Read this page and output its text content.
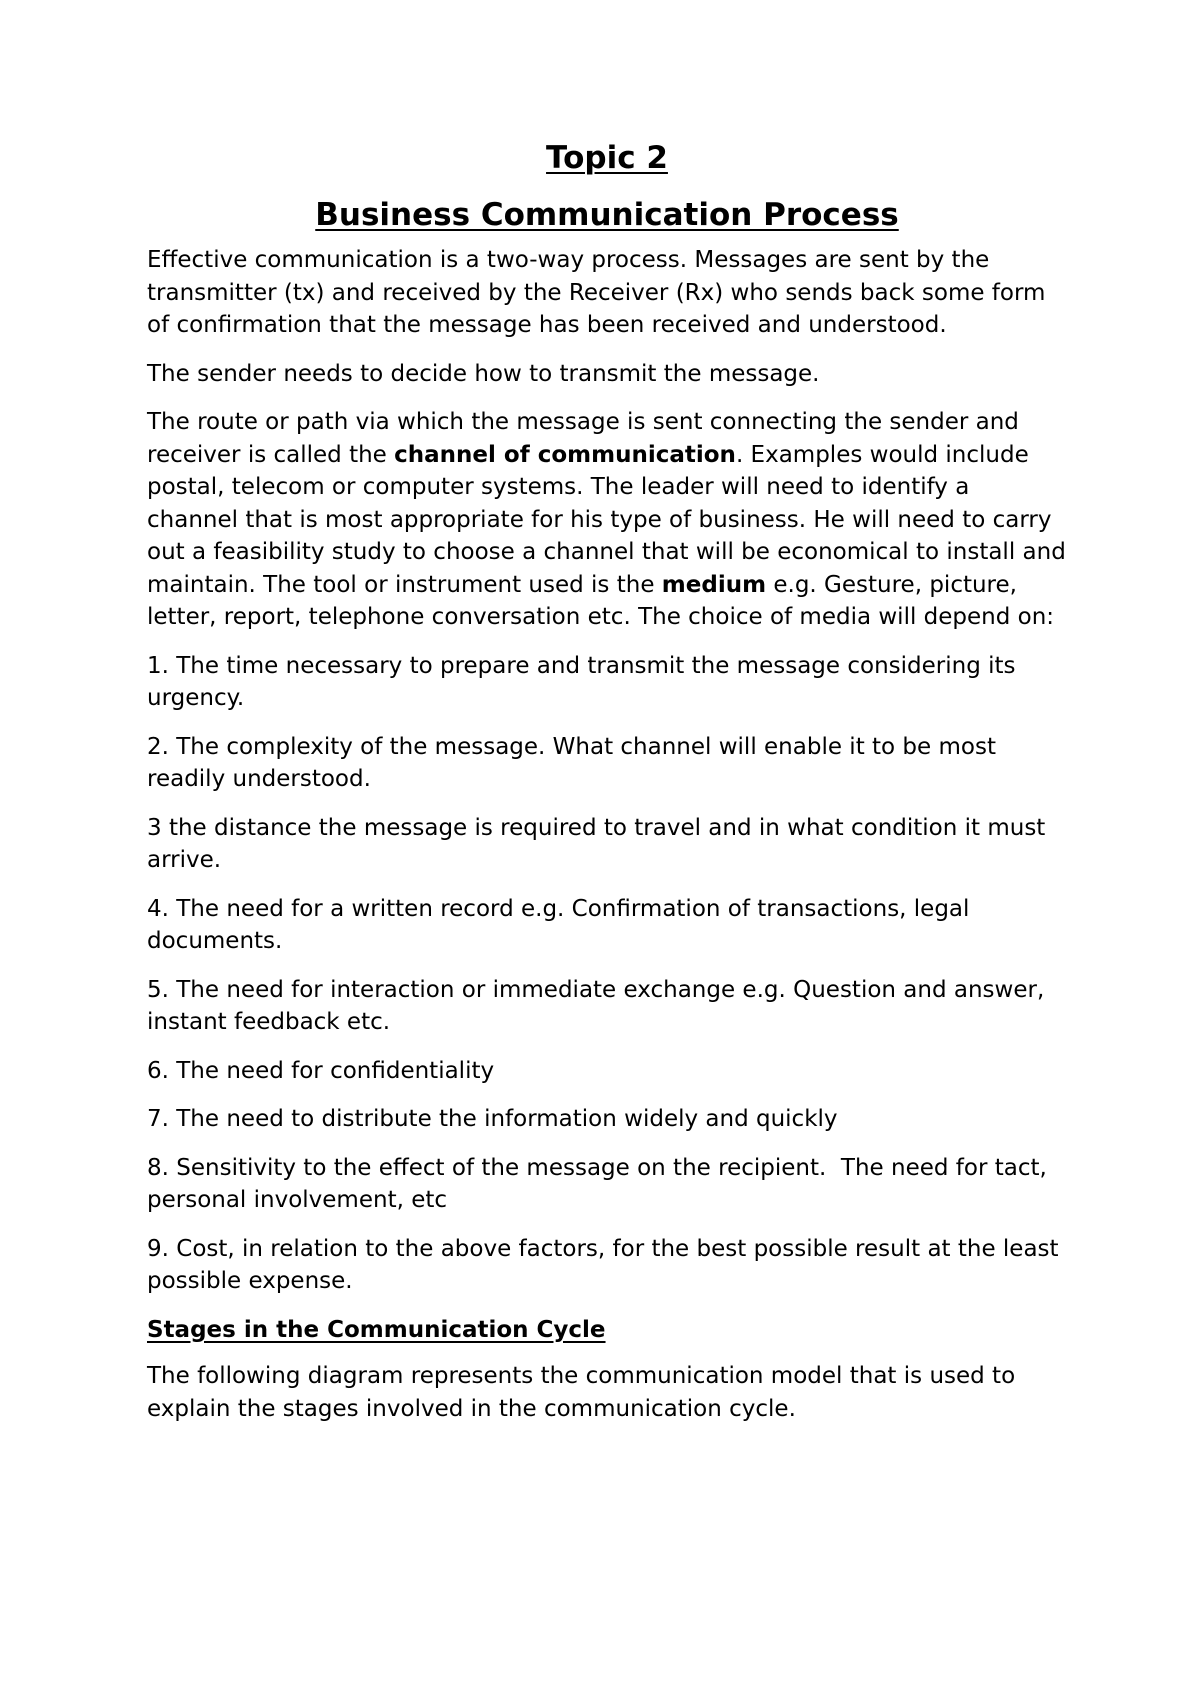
Topic 2
Business Communication Process

Effective communication is a two-way process. Messages are sent by the transmitter (tx) and received by the Receiver (Rx) who sends back some form of confirmation that the message has been received and understood.

The sender needs to decide how to transmit the message.

The route or path via which the message is sent connecting the sender and receiver is called the channel of communication. Examples would include postal, telecom or computer systems. The leader will need to identify a channel that is most appropriate for his type of business. He will need to carry out a feasibility study to choose a channel that will be economical to install and maintain. The tool or instrument used is the medium e.g. Gesture, picture, letter, report, telephone conversation etc. The choice of media will depend on:

1. The time necessary to prepare and transmit the message considering its urgency.

2. The complexity of the message. What channel will enable it to be most readily understood.

3 the distance the message is required to travel and in what condition it must arrive.

4. The need for a written record e.g. Confirmation of transactions, legal documents.

5. The need for interaction or immediate exchange e.g. Question and answer, instant feedback etc.

6. The need for confidentiality

7. The need to distribute the information widely and quickly

8. Sensitivity to the effect of the message on the recipient.  The need for tact, personal involvement, etc

9. Cost, in relation to the above factors, for the best possible result at the least possible expense.

Stages in the Communication Cycle

The following diagram represents the communication model that is used to explain the stages involved in the communication cycle.
